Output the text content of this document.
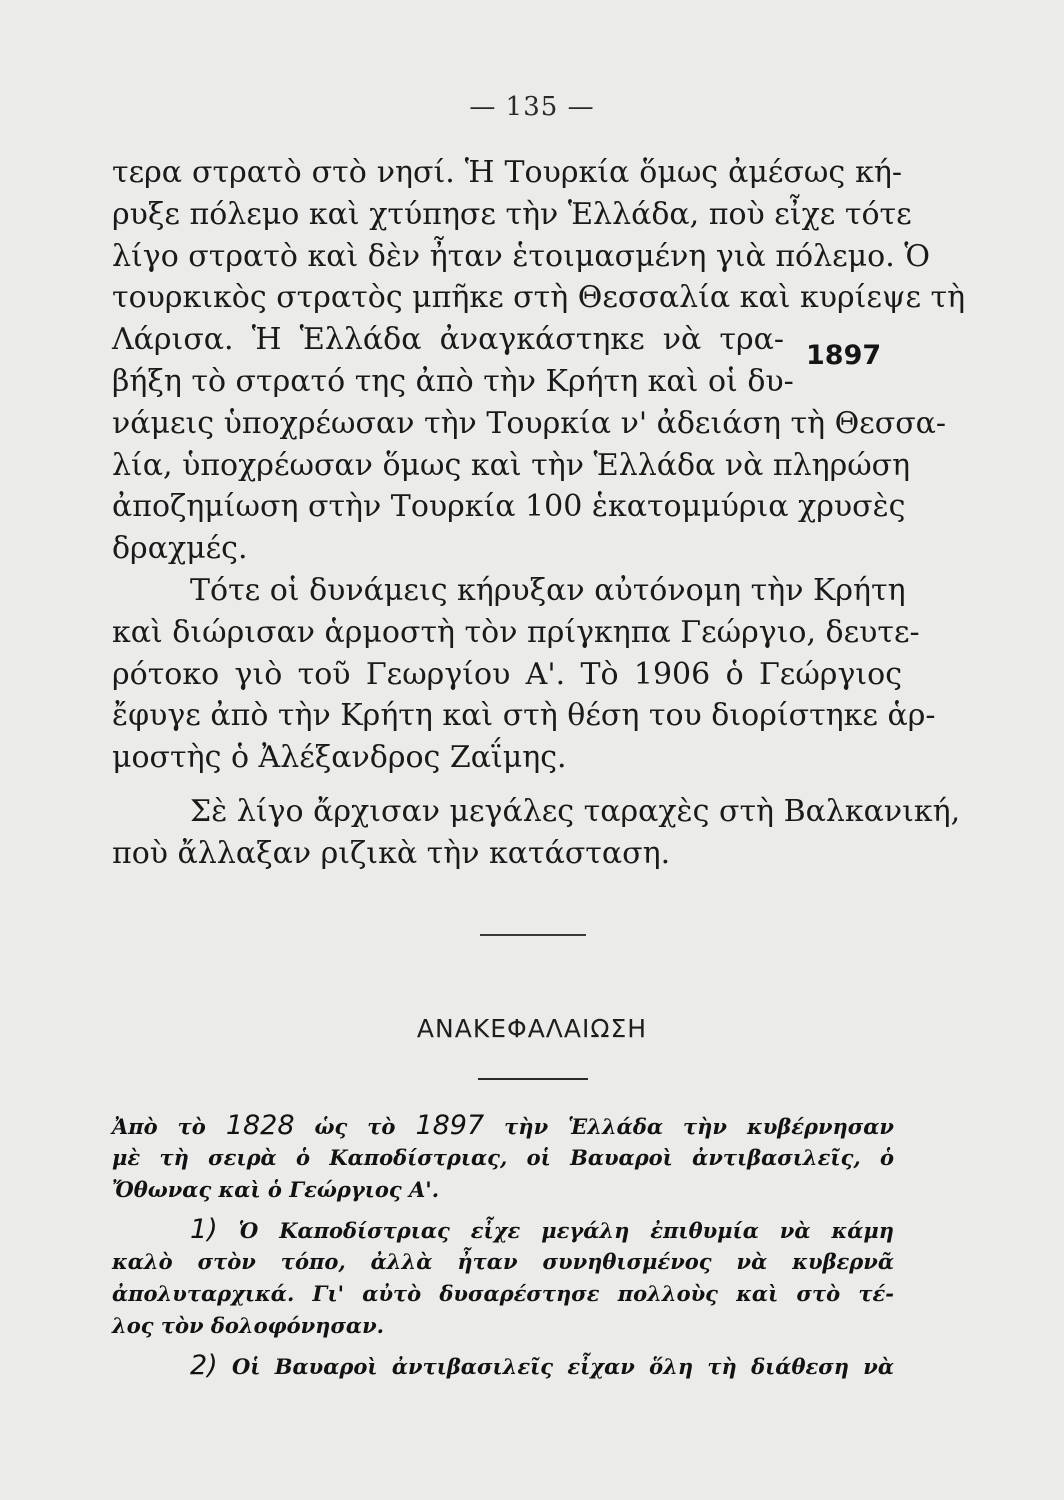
— 135 —
1897
τερα στρατὸ στὸ νησί. Ἡ Τουρκία ὅμως ἀμέσως κή-
ρυξε πόλεμο καὶ χτύπησε τὴν Ἑλλάδα, ποὺ εἶχε τότε
λίγο στρατὸ καὶ δὲν ἦταν ἑτοιμασμένη γιὰ πόλεμο. Ὁ
τουρκικὸς στρατὸς μπῆκε στὴ Θεσσαλία καὶ κυρίεψε τὴ
Λάρισα. Ἡ Ἑλλάδα ἀναγκάστηκε νὰ τρα-
βήξη τὸ στρατό της ἀπὸ τὴν Κρήτη καὶ οἱ δυ-
νάμεις ὑποχρέωσαν τὴν Τουρκία ν' ἀδειάση τὴ Θεσσα-
λία, ὑποχρέωσαν ὅμως καὶ τὴν Ἑλλάδα νὰ πληρώση
ἀποζημίωση στὴν Τουρκία 100 ἑκατομμύρια χρυσὲς
δραχμές.
Τότε οἱ δυνάμεις κήρυξαν αὐτόνομη τὴν Κρήτη
καὶ διώρισαν ἁρμοστὴ τὸν πρίγκηπα Γεώργιο, δευτε-
ρότοκο γιὸ τοῦ Γεωργίου Α'. Τὸ 1906 ὁ Γεώργιος
ἔφυγε ἀπὸ τὴν Κρήτη καὶ στὴ θέση του διορίστηκε ἁρ-
μοστὴς ὁ Ἀλέξανδρος Ζαΐμης.
Σὲ λίγο ἄρχισαν μεγάλες ταραχὲς στὴ Βαλκανική,
ποὺ ἄλλαξαν ριζικὰ τὴν κατάσταση.
ΑΝΑΚΕΦΑΛΑΙΩΣΗ
Ἀπὸ τὸ 1828 ὡς τὸ 1897 τὴν Ἑλλάδα τὴν κυβέρνησαν
μὲ τὴ σειρὰ ὁ Καποδίστριας, οἱ Βαυαροὶ ἀντιβασιλεῖς, ὁ
Ὄθωνας καὶ ὁ Γεώργιος Α'.
1) Ὁ Καποδίστριας εἶχε μεγάλη ἐπιθυμία νὰ κάμη
καλὸ στὸν τόπο, ἀλλὰ ἦταν συνηθισμένος νὰ κυβερνᾶ
ἀπολυταρχικά. Γι' αὐτὸ δυσαρέστησε πολλοὺς καὶ στὸ τέ-
λος τὸν δολοφόνησαν.
2) Οἱ Βαυαροὶ ἀντιβασιλεῖς εἶχαν ὅλη τὴ διάθεση νὰ
